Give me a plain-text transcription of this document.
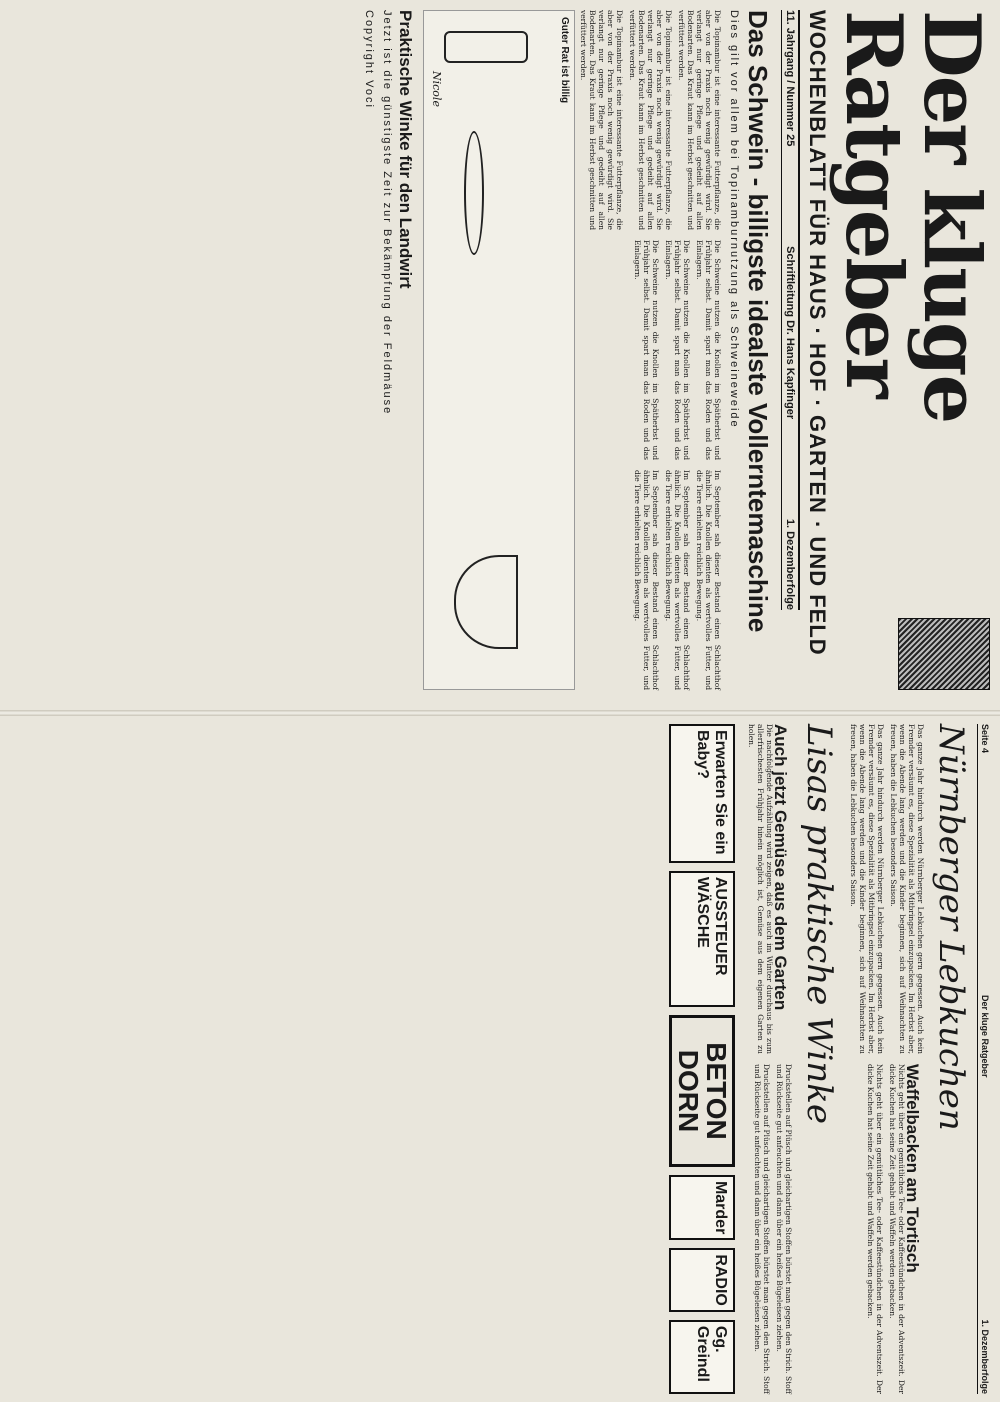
Der kluge Ratgeber
WOCHENBLATT FÜR HAUS · HOF · GARTEN · UND FELD
11. Jahrgang / Nummer 25
Schriftleitung Dr. Hans Kapfinger
1. Dezemberfolge
Das Schwein - billigste idealste Vollerntemaschine
Dies gilt vor allem bei Topinamburnutzung als Schweineweide

Die Topinambur ist eine interessante Futterpflanze, die aber von der Praxis noch wenig gewürdigt wird. Sie verlangt nur geringe Pflege und gedeiht auf allen Bodenarten. Das Kraut kann im Herbst geschnitten und verfüttert werden.

Die Topinambur ist eine interessante Futterpflanze, die aber von der Praxis noch wenig gewürdigt wird. Sie verlangt nur geringe Pflege und gedeiht auf allen Bodenarten. Das Kraut kann im Herbst geschnitten und verfüttert werden.

Die Topinambur ist eine interessante Futterpflanze, die aber von der Praxis noch wenig gewürdigt wird. Sie verlangt nur geringe Pflege und gedeiht auf allen Bodenarten. Das Kraut kann im Herbst geschnitten und verfüttert werden.

Die Schweine nutzen die Knollen im Spätherbst und Frühjahr selbst. Damit spart man das Roden und das Einlagern.

Die Schweine nutzen die Knollen im Spätherbst und Frühjahr selbst. Damit spart man das Roden und das Einlagern.

Die Schweine nutzen die Knollen im Spätherbst und Frühjahr selbst. Damit spart man das Roden und das Einlagern.

Im September sah dieser Bestand einen Schlachthof ähnlich. Die Knollen dienten als wertvolles Futter, und die Tiere erhielten reichlich Bewegung.

Im September sah dieser Bestand einen Schlachthof ähnlich. Die Knollen dienten als wertvolles Futter, und die Tiere erhielten reichlich Bewegung.

Im September sah dieser Bestand einen Schlachthof ähnlich. Die Knollen dienten als wertvolles Futter, und die Tiere erhielten reichlich Bewegung.

Guter Rat ist billig
Nicole
Praktische Winke für den Landwirt
Jetzt ist die günstigste Zeit zur Bekämpfung der Feldmäuse
Copyright Voci
Seite 4
Der kluge Ratgeber
1. Dezemberfolge
Nürnberger Lebkuchen

Das ganze Jahr hindurch werden Nürnberger Lebkuchen gern gegessen. Auch kein Fremder versäumt es, diese Spezialität als Mitbringsel einzupacken. Im Herbst aber, wenn die Abende lang werden und die Kinder beginnen, sich auf Weihnachten zu freuen, haben die Lebkuchen besonders Saison.

Das ganze Jahr hindurch werden Nürnberger Lebkuchen gern gegessen. Auch kein Fremder versäumt es, diese Spezialität als Mitbringsel einzupacken. Im Herbst aber, wenn die Abende lang werden und die Kinder beginnen, sich auf Weihnachten zu freuen, haben die Lebkuchen besonders Saison.

Waffelbacken am Tortisch

Nichts geht über ein gemütliches Tee- oder Kaffeestündchen in der Adventszeit. Der dicke Kuchen hat seine Zeit gehabt und Waffeln werden gebacken.

Nichts geht über ein gemütliches Tee- oder Kaffeestündchen in der Adventszeit. Der dicke Kuchen hat seine Zeit gehabt und Waffeln werden gebacken.

Lisas praktische Winke
Auch jetzt Gemüse aus dem Garten

Die nachfolgende Aufzählung wird zeigen, daß es auch im Winter durchaus bis zum allerfrischesten Frühjahr hinein möglich ist, Gemüse aus dem eigenen Garten zu holen.

Druckstellen auf Plüsch und gleichartigen Stoffen bürstet man gegen den Strich. Stoff und Rückseite gut anfeuchten und dann über ein heißes Bügeleisen ziehen.

Druckstellen auf Plüsch und gleichartigen Stoffen bürstet man gegen den Strich. Stoff und Rückseite gut anfeuchten und dann über ein heißes Bügeleisen ziehen.

Erwarten Sie ein Baby?
AUSSTEUER WÄSCHE
BETON DORN
Marder
RADIO
Gg. Greindl
